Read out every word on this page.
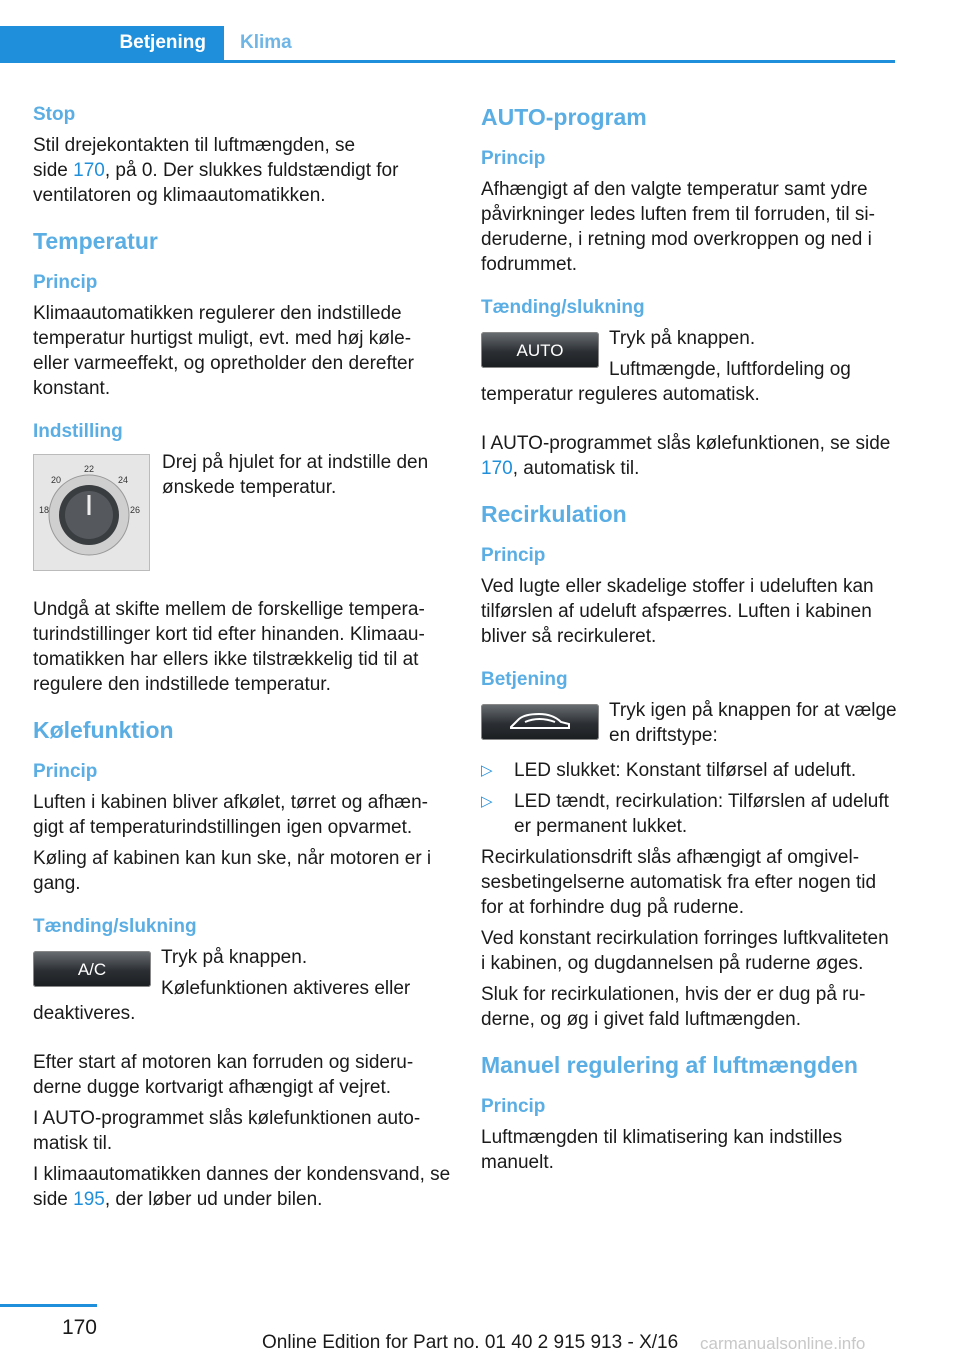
Betjening	Klima
Stop

Stil drejekontakten til luftmængden, se
side 170, på 0. Der slukkes fuldstændigt for
ventilatoren og klimaautomatikken.

Temperatur
Princip

Klimaautomatikken regulerer den indstillede temperatur hurtigst muligt, evt. med høj køle- eller varmeeffekt, og opretholder den derefter konstant.

Indstilling
22
20	24
18	26

Drej på hjulet for at indstille den ønskede temperatur.

Undgå at skifte mellem de forskellige temperaturindstillinger kort tid efter hinanden. Klimaautomatikken har ellers ikke tilstrækkelig tid til at regulere den indstillede temperatur.

Kølefunktion
Princip

Luften i kabinen bliver afkølet, tørret og afhængigt af temperaturindstillingen igen opvarmet.

Køling af kabinen kan kun ske, når motoren er i gang.

Tænding/slukning
A/C

Tryk på knappen.

Kølefunktionen aktiveres eller deaktiveres.

Efter start af motoren kan forruden og sideruderne dugge kortvarigt afhængigt af vejret.

I AUTO-programmet slås kølefunktionen automatisk til.

I klimaautomatikken dannes der kondensvand, se side 195, der løber ud under bilen.

AUTO-program
Princip

Afhængigt af den valgte temperatur samt ydre påvirkninger ledes luften frem til forruden, til sideruderne, i retning mod overkroppen og ned i fodrummet.

Tænding/slukning
AUTO

Tryk på knappen.

Luftmængde, luftfordeling og temperatur reguleres automatisk.

I AUTO-programmet slås kølefunktionen, se side 170, automatisk til.

Recirkulation
Princip

Ved lugte eller skadelige stoffer i udeluften kan tilførslen af udeluft afspærres. Luften i kabinen bliver så recirkuleret.

Betjening

Tryk igen på knappen for at vælge en driftstype:

▷ LED slukket: Konstant tilførsel af udeluft.
▷ LED tændt, recirkulation: Tilførslen af udeluft er permanent lukket.

Recirkulationsdrift slås afhængigt af omgivelsesbetingelserne automatisk fra efter nogen tid for at forhindre dug på ruderne.

Ved konstant recirkulation forringes luftkvaliteten i kabinen, og dugdannelsen på ruderne øges.

Sluk for recirkulationen, hvis der er dug på ruderne, og øg i givet fald luftmængden.

Manuel regulering af luftmængden
Princip

Luftmængden til klimatisering kan indstilles manuelt.

170
Online Edition for Part no. 01 40 2 915 913 - X/16 carmanualsonline.info
